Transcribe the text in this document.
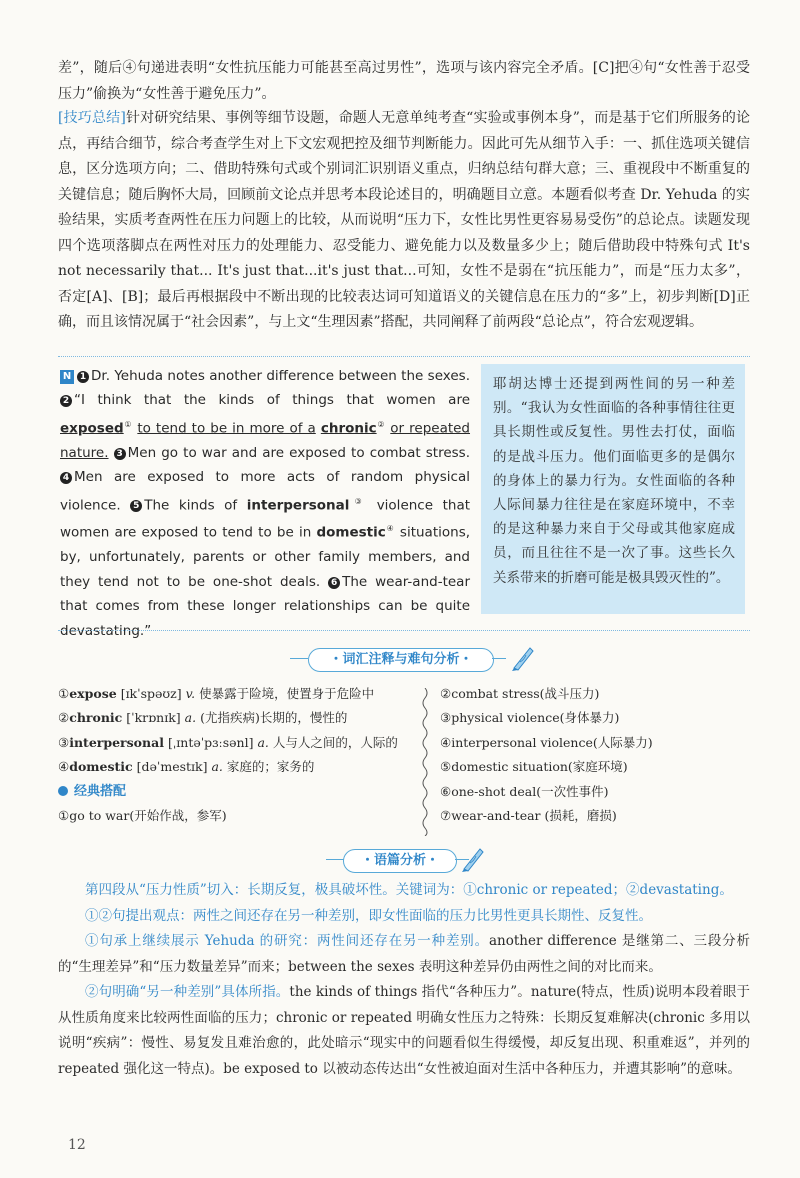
差”，随后④句递进表明“女性抗压能力可能甚至高过男性”，选项与该内容完全矛盾。[C]把④句“女性善于忍受压力”偷换为“女性善于避免压力”。

[技巧总结]针对研究结果、事例等细节设题，命题人无意单纯考查“实验或事例本身”，而是基于它们所服务的论点，再结合细节，综合考查学生对上下文宏观把控及细节判断能力。因此可先从细节入手：一、抓住选项关键信息，区分选项方向；二、借助特殊句式或个别词汇识别语义重点，归纳总结句群大意；三、重视段中不断重复的关键信息；随后胸怀大局，回顾前文论点并思考本段论述目的，明确题目立意。本题看似考查 Dr. Yehuda 的实验结果，实质考查两性在压力问题上的比较，从而说明“压力下，女性比男性更容易易受伤”的总论点。读题发现四个选项落脚点在两性对压力的处理能力、忍受能力、避免能力以及数量多少上；随后借助段中特殊句式 It's not necessarily that... It's just that...it's just that...可知，女性不是弱在“抗压能力”，而是“压力太多”，否定[A]、[B]；最后再根据段中不断出现的比较表达词可知道语义的关键信息在压力的“多”上，初步判断[D]正确，而且该情况属于“社会因素”，与上文“生理因素”搭配，共同阐释了前两段“总论点”，符合宏观逻辑。

N 1 Dr. Yehuda notes another difference between the sexes. 2 “I think that the kinds of things that women are exposed① to tend to be in more of a chronic② or repeated nature. 3 Men go to war and are exposed to combat stress. 4 Men are exposed to more acts of random physical violence. 5 The kinds of interpersonal③ violence that women are exposed to tend to be in domestic④ situations, by, unfortunately, parents or other family members, and they tend not to be one-shot deals. 6 The wear-and-tear that comes from these longer relationships can be quite devastating.”
耶胡达博士还提到两性间的另一种差别。“我认为女性面临的各种事情往往更具长期性或反复性。男性去打仗，面临的是战斗压力。他们面临更多的是偶尔的身体上的暴力行为。女性面临的各种人际间暴力往往是在家庭环境中，不幸的是这种暴力来自于父母或其他家庭成员，而且往往不是一次了事。这些长久关系带来的折磨可能是极具毁灭性的”。
・词汇注释与难句分析・
①expose [ɪkˈspəʊz] v. 使暴露于险境，使置身于危险中
②chronic [ˈkrɒnɪk] a. (尤指疾病)长期的，慢性的
③interpersonal [ˌɪntəˈpɜːsənl] a. 人与人之间的，人际的
④domestic [dəˈmestɪk] a. 家庭的；家务的
经典搭配
①go to war(开始作战，参军)
②combat stress(战斗压力)
③physical violence(身体暴力)
④interpersonal violence(人际暴力)
⑤domestic situation(家庭环境)
⑥one-shot deal(一次性事件)
⑦wear-and-tear (损耗，磨损)
・语篇分析・

第四段从“压力性质”切入：长期反复，极具破坏性。关键词为：①chronic or repeated；②devastating。

①②句提出观点：两性之间还存在另一种差别，即女性面临的压力比男性更具长期性、反复性。

①句承上继续展示 Yehuda 的研究：两性间还存在另一种差别。another difference 是继第二、三段分析的“生理差异”和“压力数量差异”而来；between the sexes 表明这种差异仍由两性之间的对比而来。

②句明确“另一种差别”具体所指。the kinds of things 指代“各种压力”。nature(特点，性质)说明本段着眼于从性质角度来比较两性面临的压力；chronic or repeated 明确女性压力之特殊：长期反复难解决(chronic 多用以说明“疾病”：慢性、易复发且难治愈的，此处暗示“现实中的问题看似生得缓慢，却反复出现、积重难返”，并列的 repeated 强化这一特点)。be exposed to 以被动态传达出“女性被迫面对生活中各种压力，并遭其影响”的意味。

12
